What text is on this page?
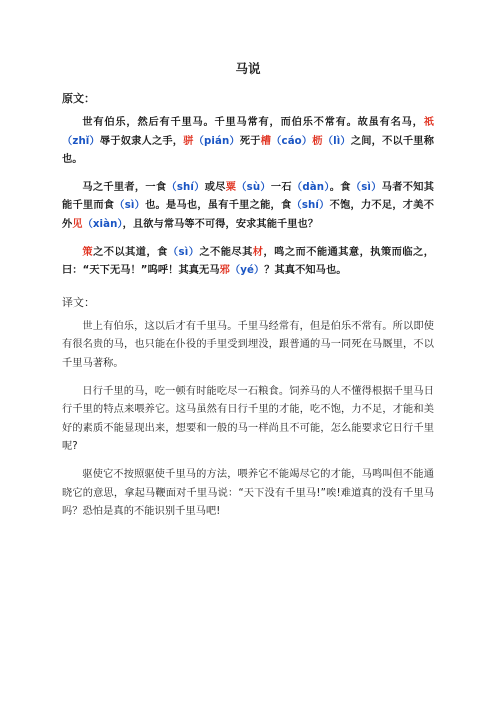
马说
原文：

世有伯乐，然后有千里马。千里马常有，而伯乐不常有。故虽有名马，祇（zhǐ）辱于奴隶人之手，骈（pián）死于槽（cáo）枥（lì）之间，不以千里称也。

马之千里者，一食（shí）或尽粟（sù）一石（dàn）。食（sì）马者不知其能千里而食（sì）也。是马也，虽有千里之能，食（shí）不饱，力不足，才美不外见（xiàn），且欲与常马等不可得，安求其能千里也？

策之不以其道，食（sì）之不能尽其材，鸣之而不能通其意，执策而临之，曰：“天下无马！”呜呼！其真无马邪（yé）？其真不知马也。

译文：

世上有伯乐，这以后才有千里马。千里马经常有，但是伯乐不常有。所以即使有很名贵的马，也只能在仆役的手里受到埋没，跟普通的马一同死在马厩里，不以千里马著称。

日行千里的马，吃一顿有时能吃尽一石粮食。饲养马的人不懂得根据千里马日行千里的特点来喂养它。这马虽然有日行千里的才能，吃不饱，力不足，才能和美好的素质不能显现出来，想要和一般的马一样尚且不可能，怎么能要求它日行千里呢?

驱使它不按照驱使千里马的方法，喂养它不能竭尽它的才能，马鸣叫但不能通晓它的意思，拿起马鞭面对千里马说：“天下没有千里马!”唉!难道真的没有千里马吗？恐怕是真的不能识别千里马吧!
